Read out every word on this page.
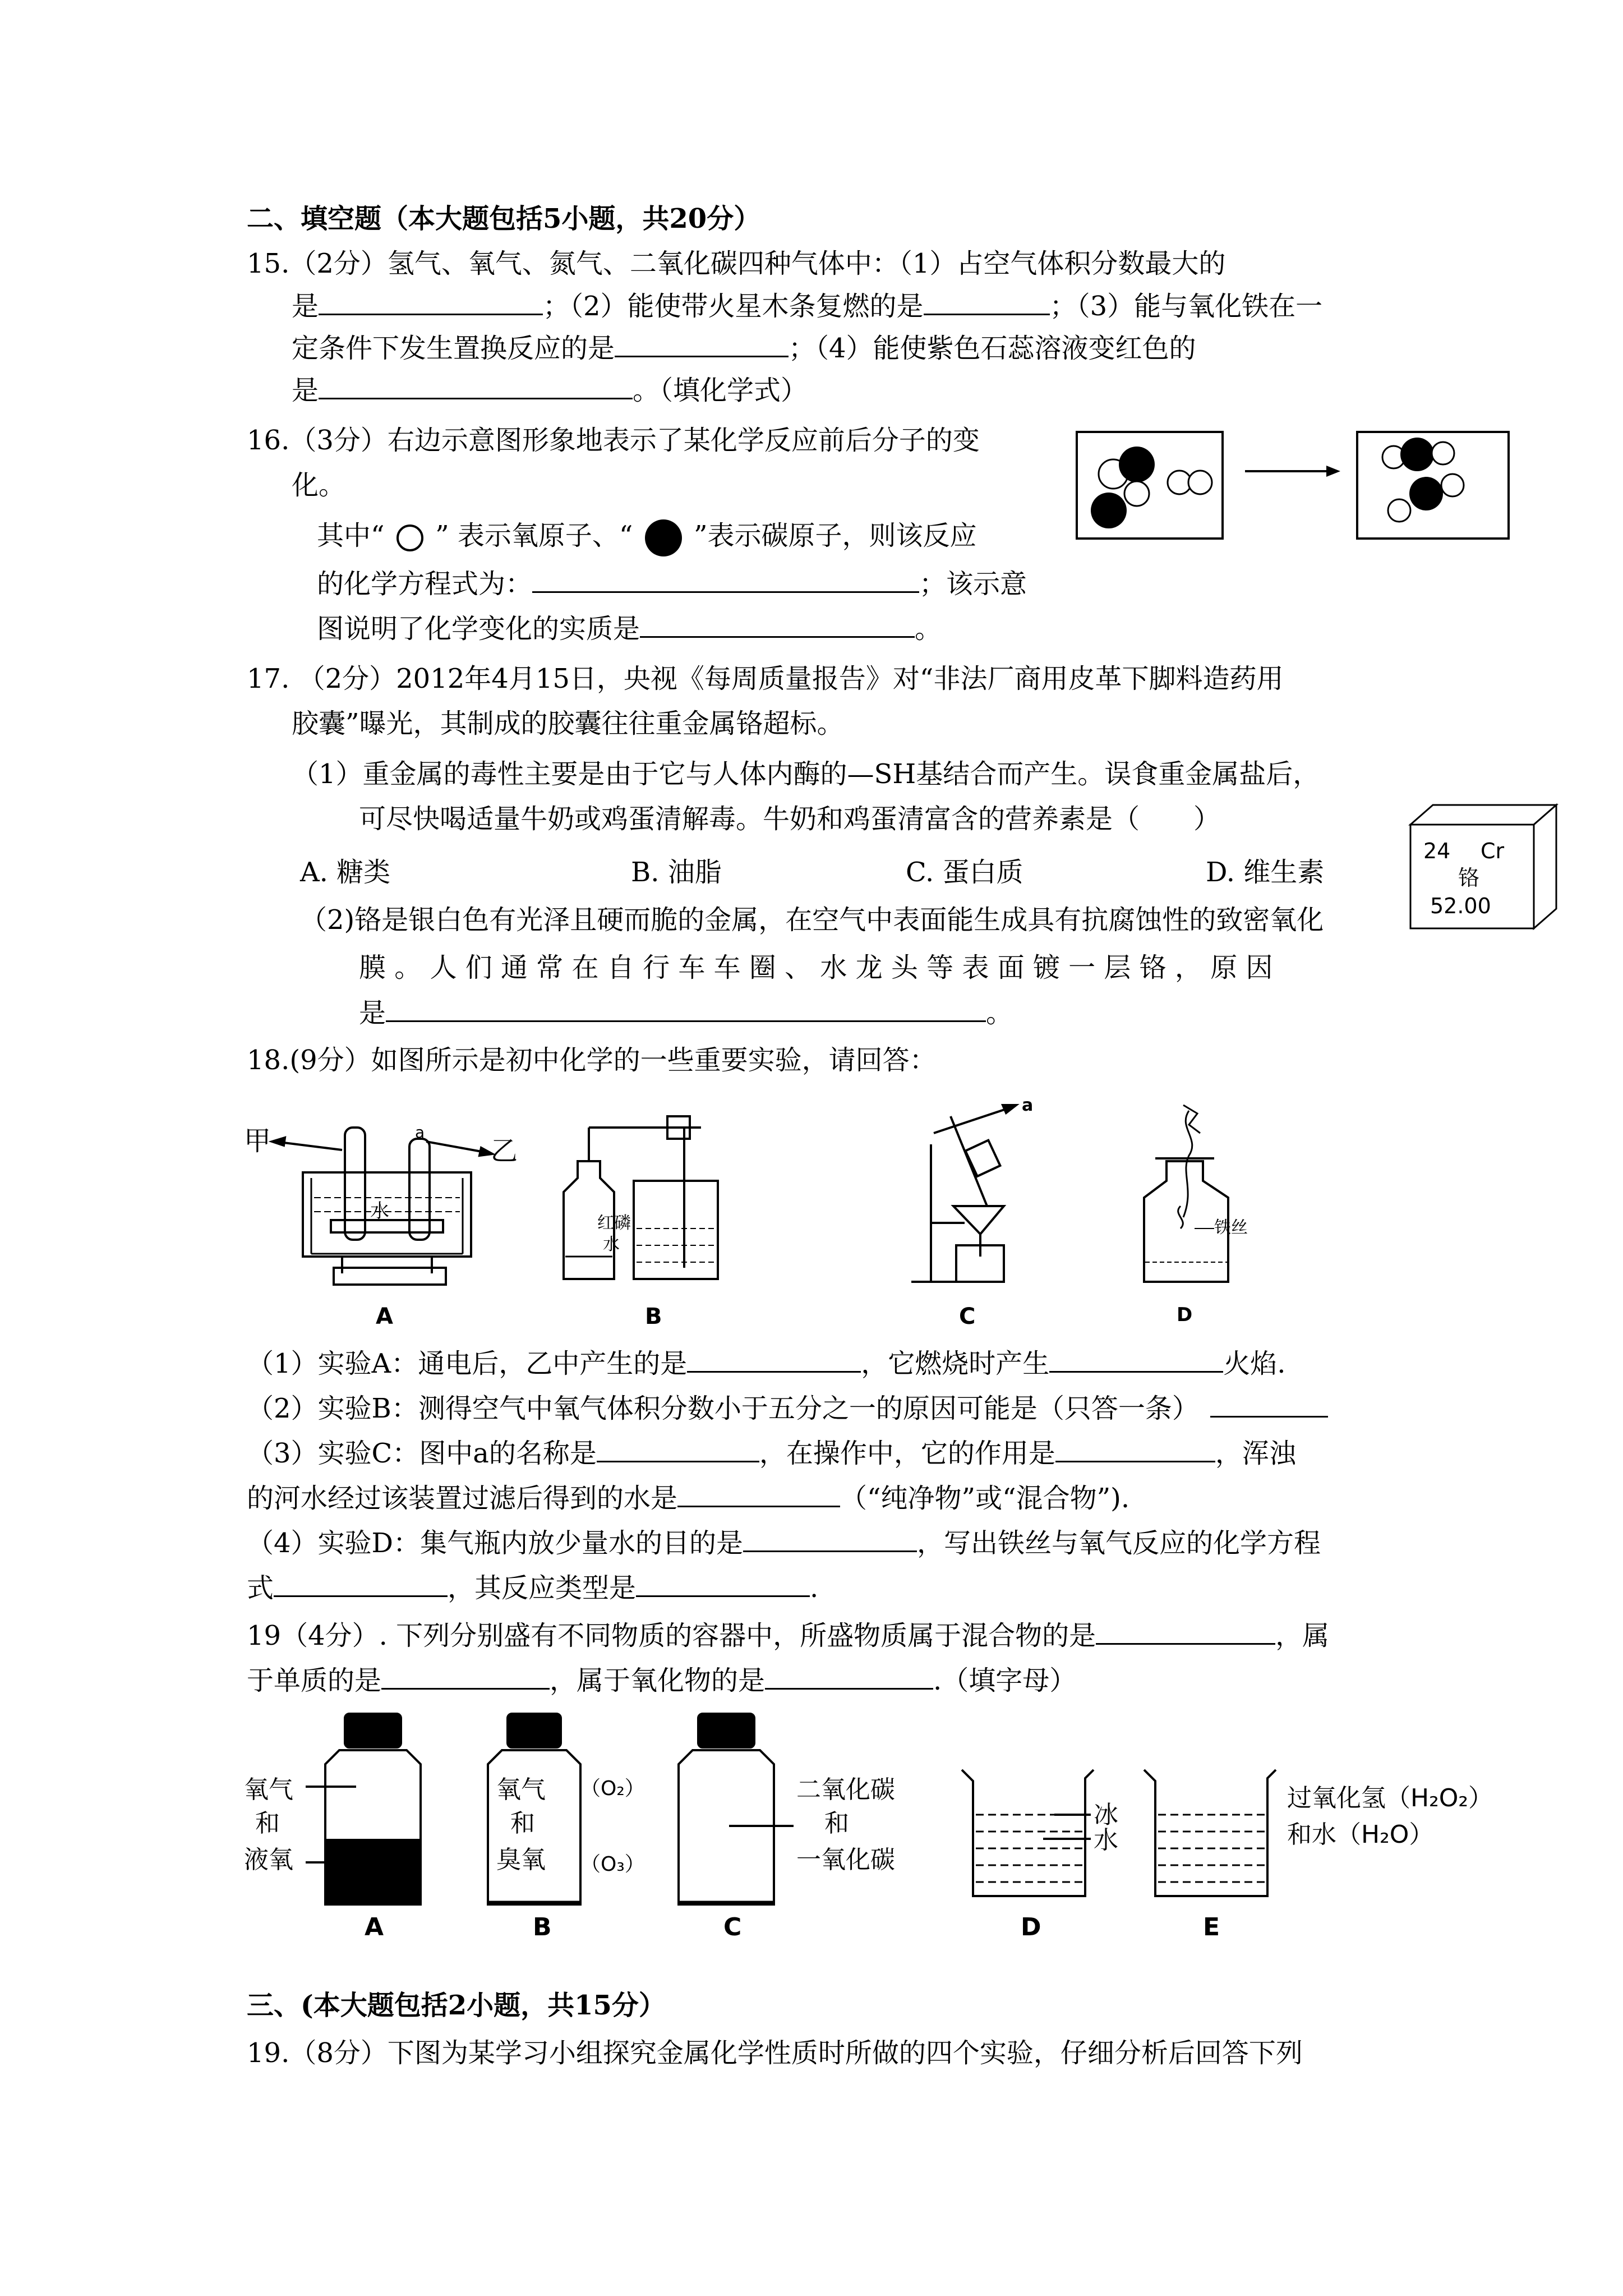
二、填空题（本大题包括5小题，共20分）
15.（2分）氢气、氧气、氮气、二氧化碳四种气体中：（1）占空气体积分数最大的
是	；（2）能使带火星木条复燃的是	；（3）能与氧化铁在一
定条件下发生置换反应的是	；（4）能使紫色石蕊溶液变红色的
是	。（填化学式）
16.（3分）右边示意图形象地表示了某化学反应前后分子的变
化。
其中“ ” 表示氧原子、“ ”表示碳原子，则该反应
的化学方程式为：	；该示意
图说明了化学变化的实质是	。
17. （2分）2012年4月15日，央视《每周质量报告》对“非法厂商用皮革下脚料造药用
胶囊”曝光，其制成的胶囊往往重金属铬超标。
（1）重金属的毒性主要是由于它与人体内酶的—SH基结合而产生。误食重金属盐后，
可尽快喝适量牛奶或鸡蛋清解毒。牛奶和鸡蛋清富含的营养素是（　　）
A. 糖类	B. 油脂	C. 蛋白质	D. 维生素
（2)铬是银白色有光泽且硬而脆的金属，在空气中表面能生成具有抗腐蚀性的致密氧化
膜 。 人 们 通 常 在 自 行 车 车 圈 、 水 龙 头 等 表 面 镀 一 层 铬 ， 原 因
是	。
24 Cr
铬
52.00
18.(9分）如图所示是初中化学的一些重要实验，请回答：
甲
水
乙
a
红磷
水
a
铁丝
A	B	C	D
（1）实验A：通电后，乙中产生的是	，它燃烧时产生	火焰.
（2）实验B：测得空气中氧气体积分数小于五分之一的原因可能是（只答一条）
（3）实验C：图中a的名称是	，在操作中，它的作用是	，浑浊
的河水经过该装置过滤后得到的水是	（“纯净物”或“混合物”).
（4）实验D：集气瓶内放少量水的目的是	，写出铁丝与氧气反应的化学方程
式	，其反应类型是	.
19（4分）. 下列分别盛有不同物质的容器中，所盛物质属于混合物的是	，属
于单质的是	，属于氧化物的是	.（填字母）
氧气
和
液氧
氧气
和
臭氧
（O₂）
（O₃）
二氧化碳
和
一氧化碳
冰
水
过氧化氢（H₂O₂）
和水（H₂O）
A	B	C	D	E
三、(本大题包括2小题，共15分）
19.（8分）下图为某学习小组探究金属化学性质时所做的四个实验，仔细分析后回答下列
